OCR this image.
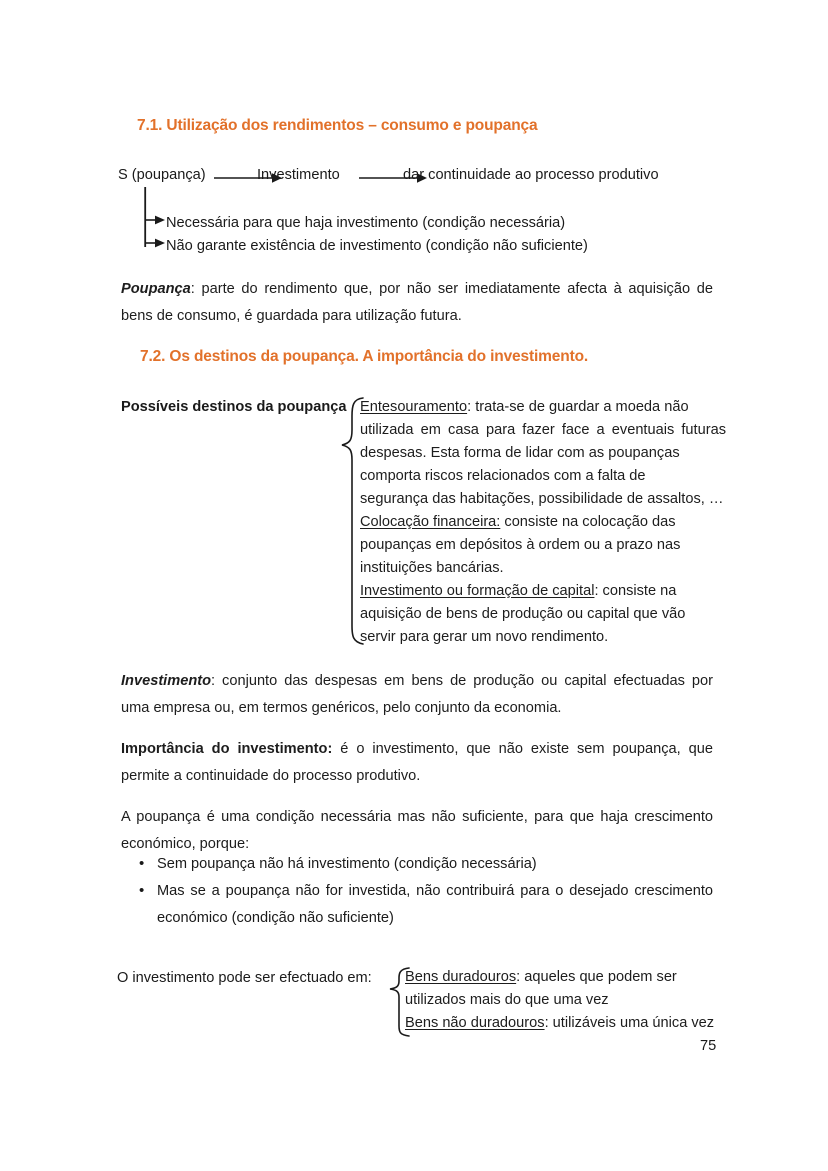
7.1. Utilização dos rendimentos – consumo e poupança
S (poupança)	Investimento	dar continuidade ao processo produtivo
Necessária para que haja investimento (condição necessária)
Não garante existência de investimento (condição não suficiente)
Poupança: parte do rendimento que, por não ser imediatamente afecta à aquisição de bens de consumo, é guardada para utilização futura.
7.2. Os destinos da poupança. A importância do investimento.
Possíveis destinos da poupança Entesouramento: trata-se de guardar a moeda não
utilizada em casa para fazer face a eventuais futuras
despesas. Esta forma de lidar com as poupanças
comporta riscos relacionados com a falta de
segurança das habitações, possibilidade de assaltos, …
Colocação financeira: consiste na colocação das
poupanças em depósitos à ordem ou a prazo nas
instituições bancárias.
Investimento ou formação de capital: consiste na
aquisição de bens de produção ou capital que vão
servir para gerar um novo rendimento.
Investimento: conjunto das despesas em bens de produção ou capital efectuadas por uma empresa ou, em termos genéricos, pelo conjunto da economia.
Importância do investimento: é o investimento, que não existe sem poupança, que permite a continuidade do processo produtivo.
A poupança é uma condição necessária mas não suficiente, para que haja crescimento económico, porque:
• Sem poupança não há investimento (condição necessária)
• Mas se a poupança não for investida, não contribuirá para o desejado crescimento económico (condição não suficiente)
O investimento pode ser efectuado em: Bens duradouros: aqueles que podem ser
utilizados mais do que uma vez
Bens não duradouros: utilizáveis uma única vez
75
